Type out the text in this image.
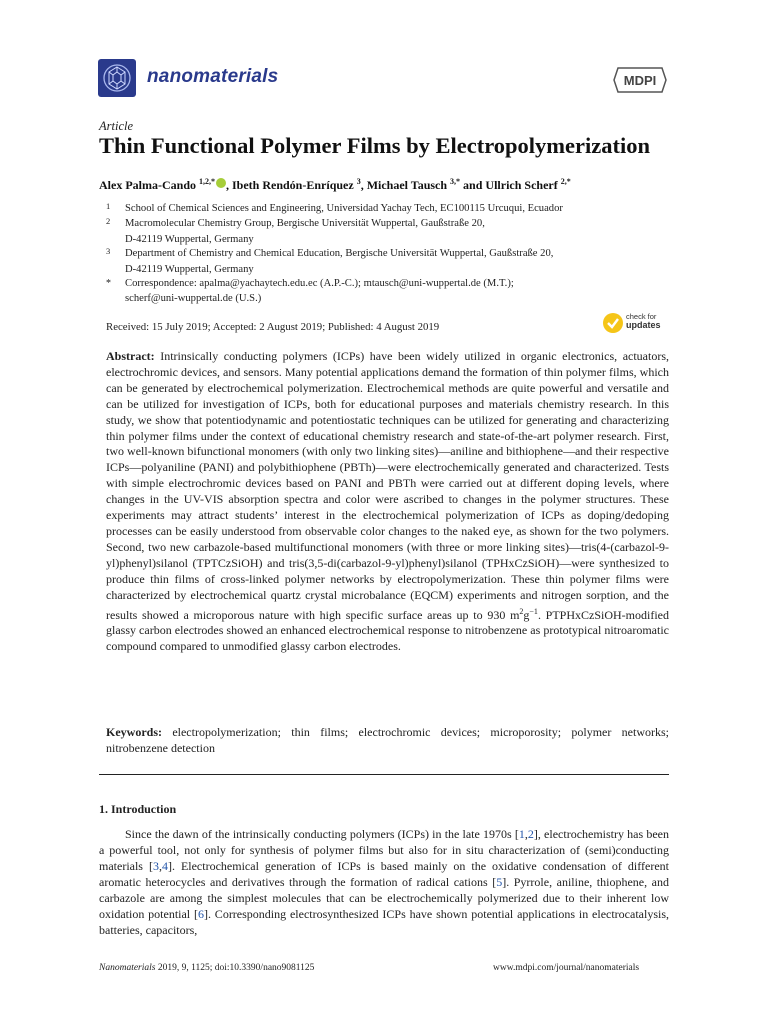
nanomaterials	MDPI
Article
Thin Functional Polymer Films by Electropolymerization
Alex Palma-Cando $^{1,2,*}$ , Ibeth Rendón-Enríquez $^3$, Michael Tausch $^{3,*}$ and Ullrich Scherf $^{2,*}$
1 School of Chemical Sciences and Engineering, Universidad Yachay Tech, EC100115 Urcuqui, Ecuador
2 Macromolecular Chemistry Group, Bergische Universität Wuppertal, Gaußstraße 20,
D-42119 Wuppertal, Germany
3 Department of Chemistry and Chemical Education, Bergische Universität Wuppertal, Gaußstraße 20,
D-42119 Wuppertal, Germany
* Correspondence: apalma@yachaytech.edu.ec (A.P.-C.); mtausch@uni-wuppertal.de (M.T.);
scherf@uni-wuppertal.de (U.S.)
Received: 15 July 2019; Accepted: 2 August 2019; Published: 4 August 2019
check for
updates
Abstract: Intrinsically conducting polymers (ICPs) have been widely utilized in organic electronics, actuators, electrochromic devices, and sensors. Many potential applications demand the formation of thin polymer films, which can be generated by electrochemical polymerization. Electrochemical methods are quite powerful and versatile and can be utilized for investigation of ICPs, both for educational purposes and materials chemistry research. In this study, we show that potentiodynamic and potentiostatic techniques can be utilized for generating and characterizing thin polymer films under the context of educational chemistry research and state-of-the-art polymer research. First, two well-known bifunctional monomers (with only two linking sites)—aniline and bithiophene—and their respective ICPs—polyaniline (PANI) and polybithiophene (PBTh)—were electrochemically generated and characterized. Tests with simple electrochromic devices based on PANI and PBTh were carried out at different doping levels, where changes in the UV-VIS absorption spectra and color were ascribed to changes in the polymer structures. These experiments may attract students’ interest in the electrochemical polymerization of ICPs as doping/dedoping processes can be easily understood from observable color changes to the naked eye, as shown for the two polymers. Second, two new carbazole-based multifunctional monomers (with three or more linking sites)—tris(4-(carbazol-9-yl)phenyl)silanol (TPTCzSiOH) and tris(3,5-di(carbazol-9-yl)phenyl)silanol (TPHxCzSiOH)—were synthesized to produce thin films of cross-linked polymer networks by electropolymerization. These thin polymer films were characterized by electrochemical quartz crystal microbalance (EQCM) experiments and nitrogen sorption, and the results showed a microporous nature with high specific surface areas up to 930 $m^2g^{-1}$. PTPHxCzSiOH-modified glassy carbon electrodes showed an enhanced electrochemical response to nitrobenzene as prototypical nitroaromatic compound compared to unmodified glassy carbon electrodes.
Keywords: electropolymerization; thin films; electrochromic devices; microporosity; polymer networks; nitrobenzene detection
1. Introduction
Since the dawn of the intrinsically conducting polymers (ICPs) in the late 1970s [1,2], electrochemistry has been a powerful tool, not only for synthesis of polymer films but also for in situ characterization of (semi)conducting materials [3,4]. Electrochemical generation of ICPs is based mainly on the oxidative condensation of different aromatic heterocycles and derivatives through the formation of radical cations [5]. Pyrrole, aniline, thiophene, and carbazole are among the simplest molecules that can be electrochemically polymerized due to their inherent low oxidation potential [6]. Corresponding electrosynthesized ICPs have shown potential applications in electrocatalysis, batteries, capacitors,
Nanomaterials 2019, 9, 1125; doi:10.3390/nano9081125	www.mdpi.com/journal/nanomaterials
